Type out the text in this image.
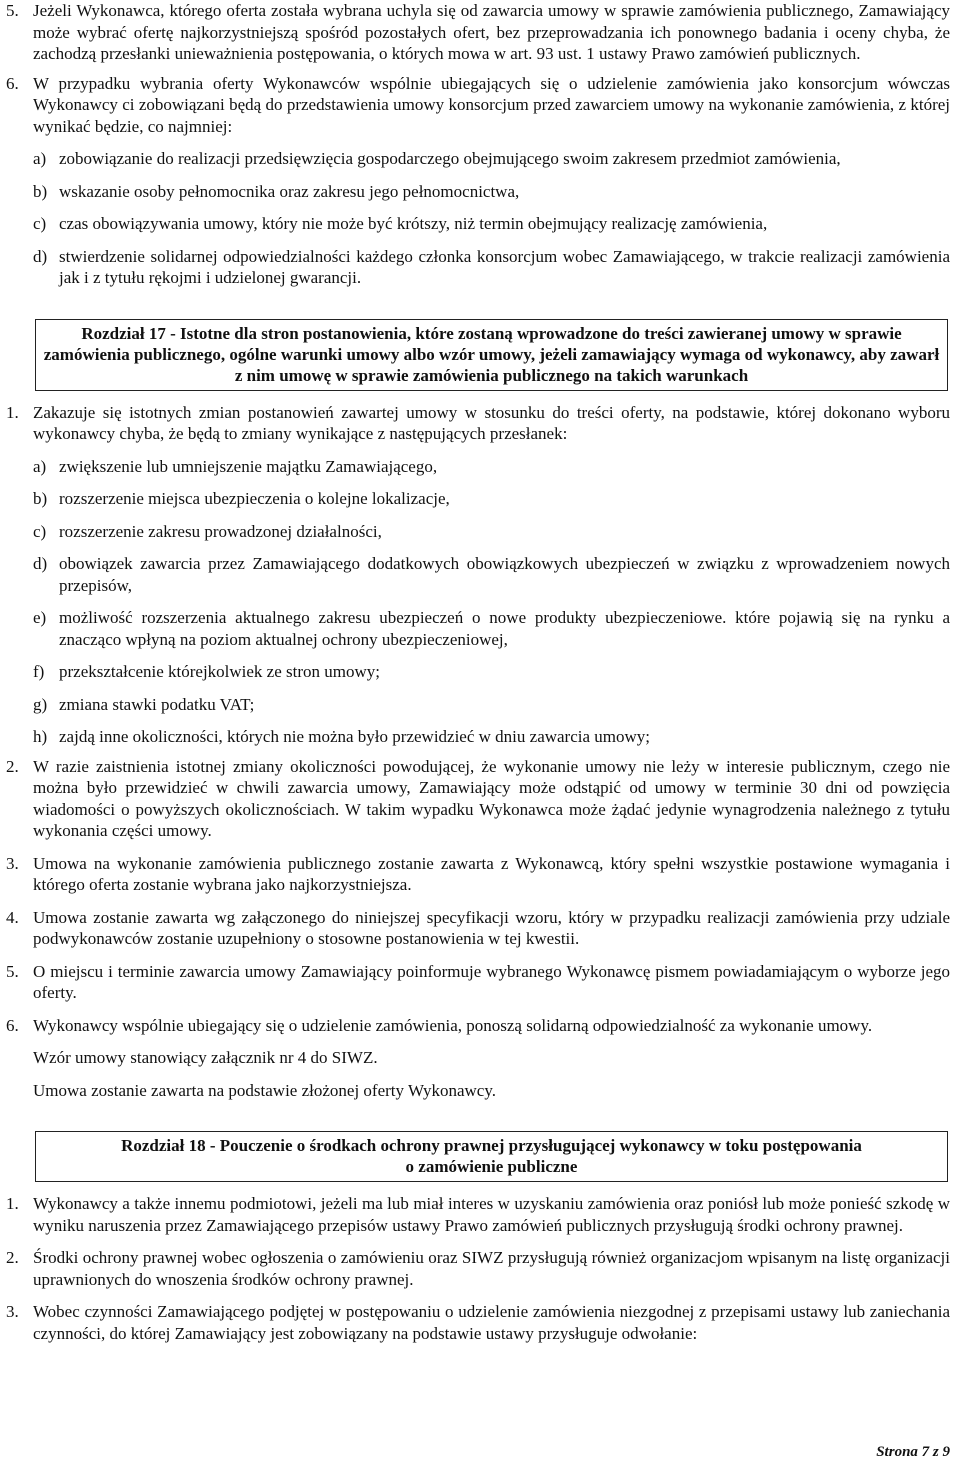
5. Jeżeli Wykonawca, którego oferta została wybrana uchyla się od zawarcia umowy w sprawie zamówienia publicznego, Zamawiający może wybrać ofertę najkorzystniejszą spośród pozostałych ofert, bez przeprowadzania ich ponownego badania i oceny chyba, że zachodzą przesłanki unieważnienia postępowania, o których mowa w art. 93 ust. 1 ustawy Prawo zamówień publicznych.
6. W przypadku wybrania oferty Wykonawców wspólnie ubiegających się o udzielenie zamówienia jako konsorcjum wówczas Wykonawcy ci zobowiązani będą do przedstawienia umowy konsorcjum przed zawarciem umowy na wykonanie zamówienia, z której wynikać będzie, co najmniej:
a) zobowiązanie do realizacji przedsięwzięcia gospodarczego obejmującego swoim zakresem przedmiot zamówienia,
b) wskazanie osoby pełnomocnika oraz zakresu jego pełnomocnictwa,
c) czas obowiązywania umowy, który nie może być krótszy, niż termin obejmujący realizację zamówienia,
d) stwierdzenie solidarnej odpowiedzialności każdego członka konsorcjum wobec Zamawiającego, w trakcie realizacji zamówienia jak i z tytułu rękojmi i udzielonej gwarancji.
Rozdział 17 - Istotne dla stron postanowienia, które zostaną wprowadzone do treści zawieranej umowy w sprawie zamówienia publicznego, ogólne warunki umowy albo wzór umowy, jeżeli zamawiający wymaga od wykonawcy, aby zawarł z nim umowę w sprawie zamówienia publicznego na takich warunkach
1. Zakazuje się istotnych zmian postanowień zawartej umowy w stosunku do treści oferty, na podstawie, której dokonano wyboru wykonawcy chyba, że będą to zmiany wynikające z następujących przesłanek:
a) zwiększenie lub umniejszenie majątku Zamawiającego,
b) rozszerzenie miejsca ubezpieczenia o kolejne lokalizacje,
c) rozszerzenie zakresu prowadzonej działalności,
d) obowiązek zawarcia przez Zamawiającego dodatkowych obowiązkowych ubezpieczeń w związku z wprowadzeniem nowych przepisów,
e) możliwość rozszerzenia aktualnego zakresu ubezpieczeń o nowe produkty ubezpieczeniowe. które pojawią się na rynku a znacząco wpłyną na poziom aktualnej ochrony ubezpieczeniowej,
f) przekształcenie którejkolwiek ze stron umowy;
g) zmiana stawki podatku VAT;
h) zajdą inne okoliczności, których nie można było przewidzieć w dniu zawarcia umowy;
2. W razie zaistnienia istotnej zmiany okoliczności powodującej, że wykonanie umowy nie leży w interesie publicznym, czego nie można było przewidzieć w chwili zawarcia umowy, Zamawiający może odstąpić od umowy w terminie 30 dni od powzięcia wiadomości o powyższych okolicznościach. W takim wypadku Wykonawca może żądać jedynie wynagrodzenia należnego z tytułu wykonania części umowy.
3. Umowa na wykonanie zamówienia publicznego zostanie zawarta z Wykonawcą, który spełni wszystkie postawione wymagania i którego oferta zostanie wybrana jako najkorzystniejsza.
4. Umowa zostanie zawarta wg załączonego do niniejszej specyfikacji wzoru, który w przypadku realizacji zamówienia przy udziale podwykonawców zostanie uzupełniony o stosowne postanowienia w tej kwestii.
5. O miejscu i terminie zawarcia umowy Zamawiający poinformuje wybranego Wykonawcę pismem powiadamiającym o wyborze jego oferty.
6. Wykonawcy wspólnie ubiegający się o udzielenie zamówienia, ponoszą solidarną odpowiedzialność za wykonanie umowy.
Wzór umowy stanowiący załącznik nr 4 do SIWZ.
Umowa zostanie zawarta na podstawie złożonej oferty Wykonawcy.
Rozdział 18 - Pouczenie o środkach ochrony prawnej przysługującej wykonawcy w toku postępowania
o zamówienie publiczne
1. Wykonawcy a także innemu podmiotowi, jeżeli ma lub miał interes w uzyskaniu zamówienia oraz poniósł lub może ponieść szkodę w wyniku naruszenia przez Zamawiającego przepisów ustawy Prawo zamówień publicznych przysługują środki ochrony prawnej.
2. Środki ochrony prawnej wobec ogłoszenia o zamówieniu oraz SIWZ przysługują również organizacjom wpisanym na listę organizacji uprawnionych do wnoszenia środków ochrony prawnej.
3. Wobec czynności Zamawiającego podjętej w postępowaniu o udzielenie zamówienia niezgodnej z przepisami ustawy lub zaniechania czynności, do której Zamawiający jest zobowiązany na podstawie ustawy przysługuje odwołanie:
Strona 7 z 9
